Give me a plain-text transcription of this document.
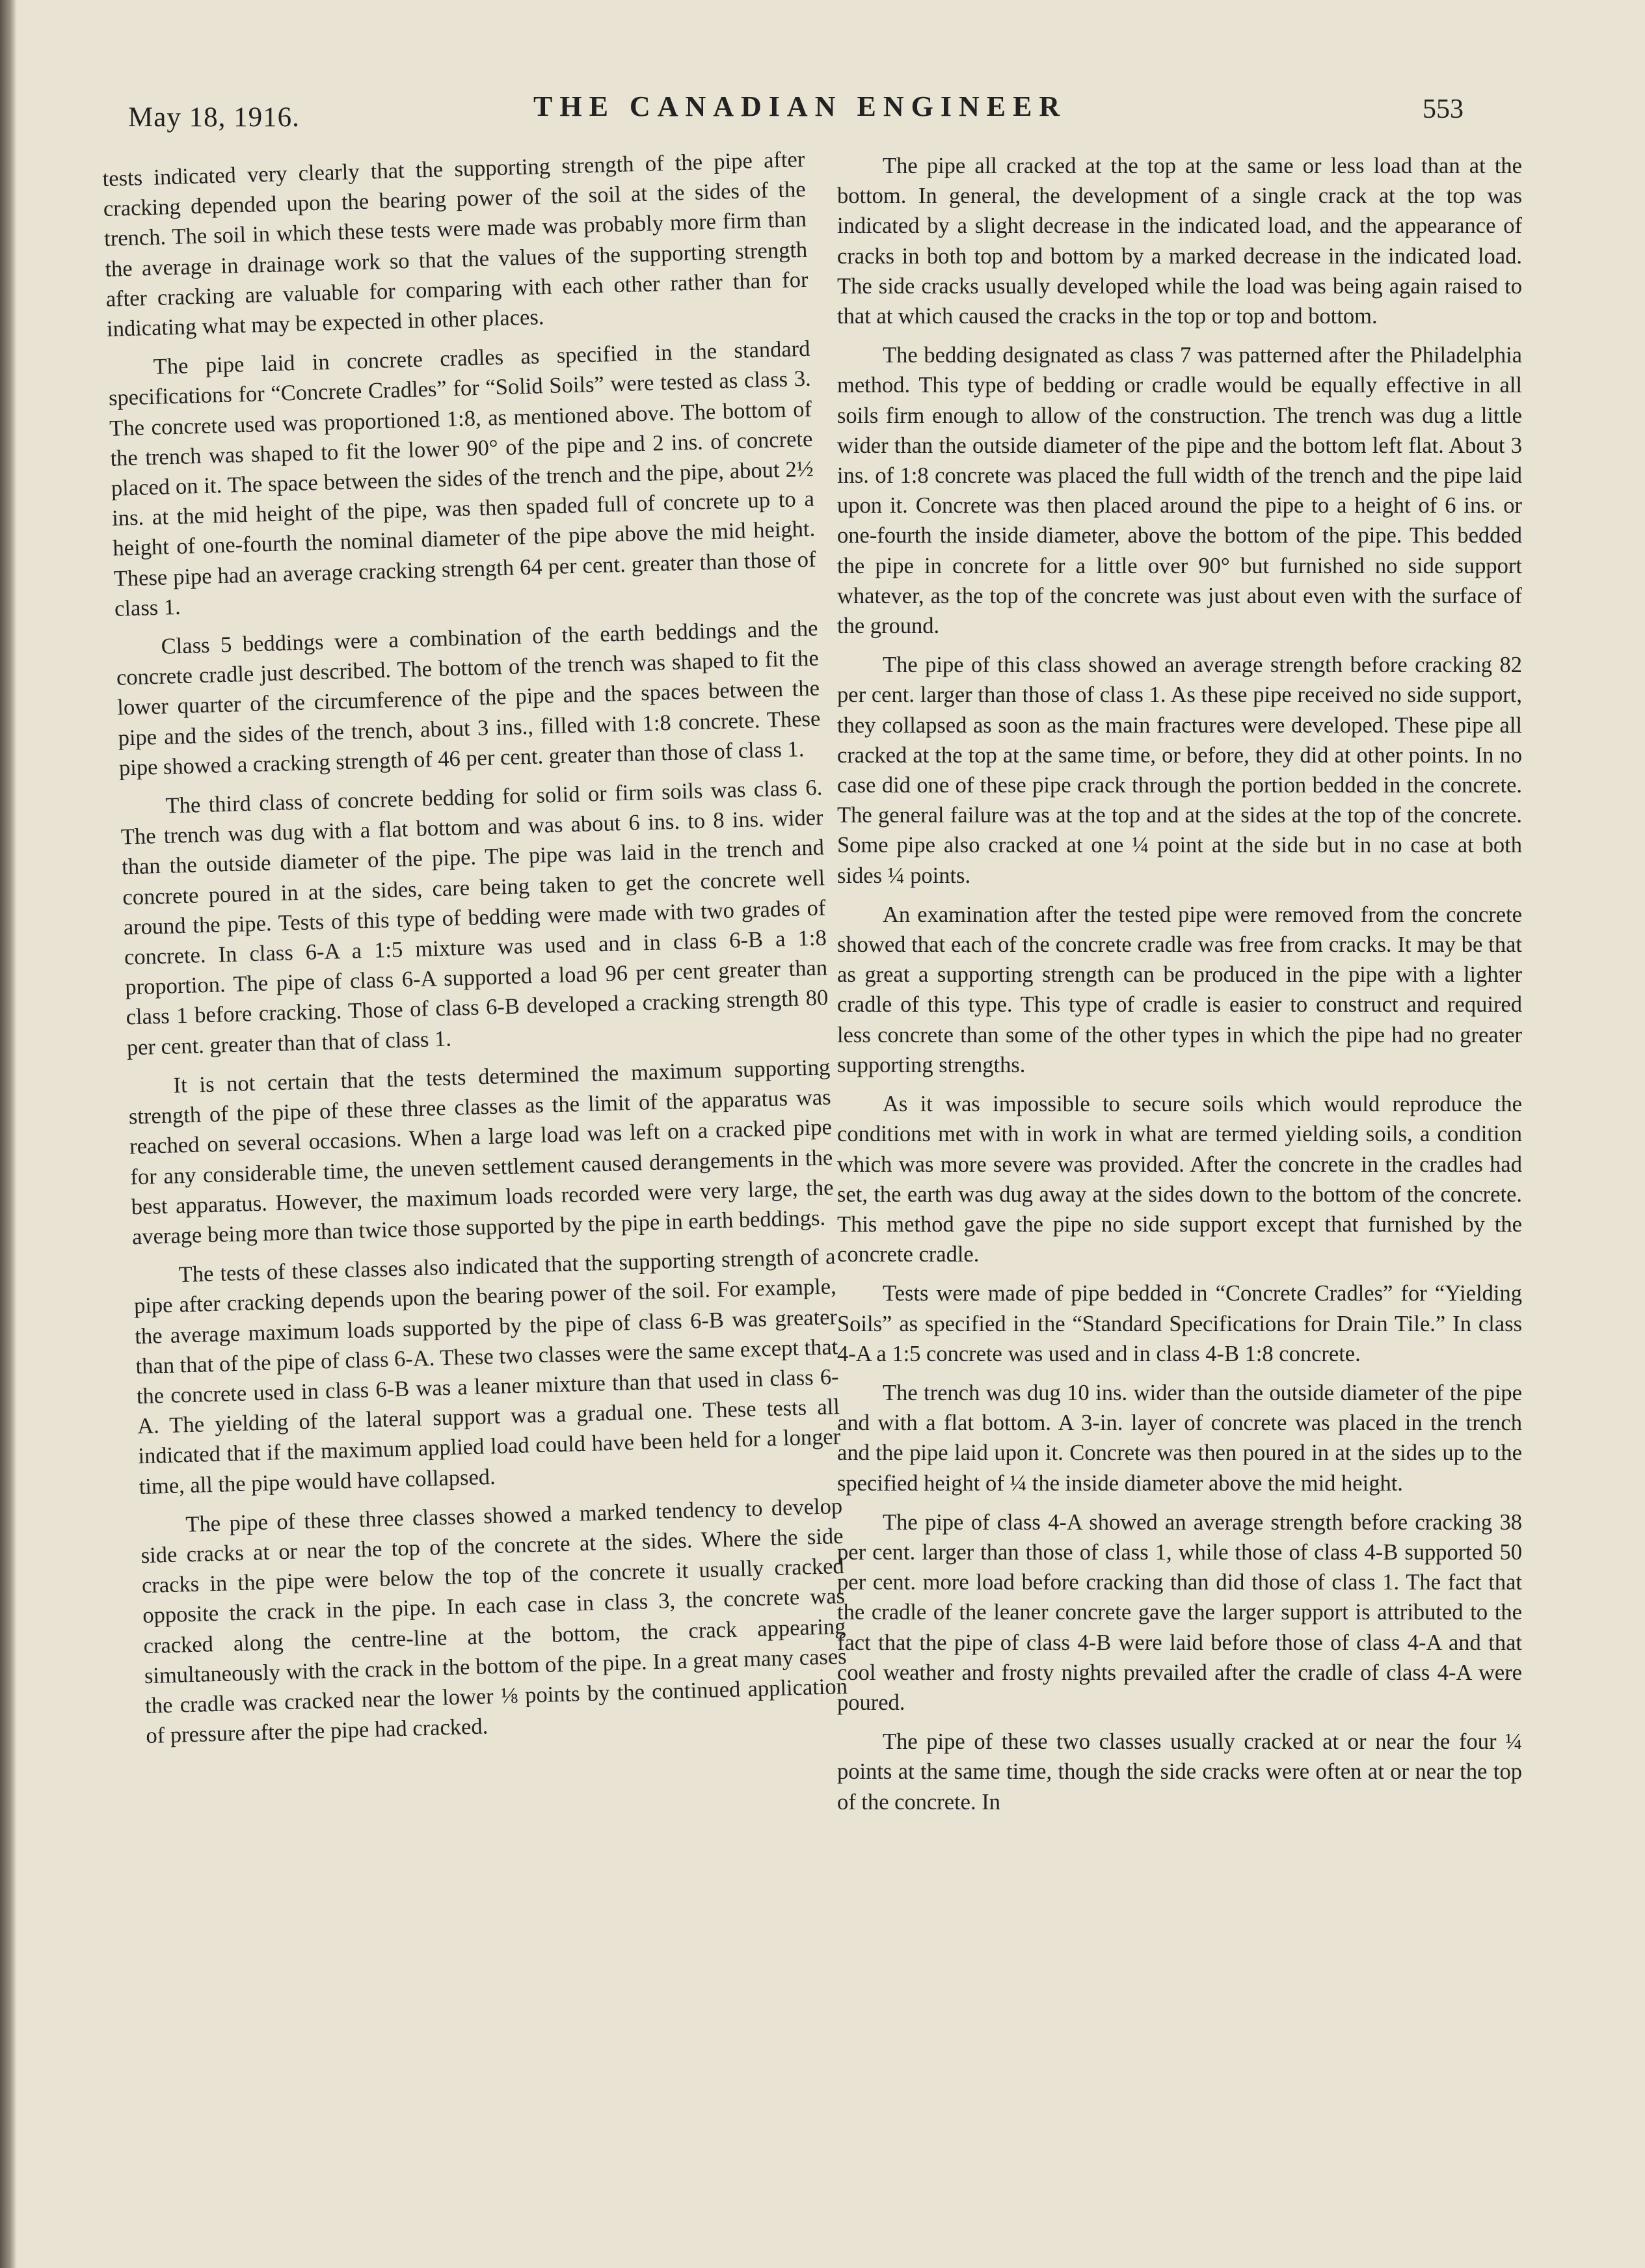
May 18, 1916.	THE CANADIAN ENGINEER	553

tests indicated very clearly that the supporting strength of the pipe after cracking depended upon the bearing power of the soil at the sides of the trench. The soil in which these tests were made was probably more firm than the average in drainage work so that the values of the supporting strength after cracking are valuable for comparing with each other rather than for indicating what may be expected in other places.

The pipe laid in concrete cradles as specified in the standard specifications for “Concrete Cradles” for “Solid Soils” were tested as class 3. The concrete used was proportioned 1:8, as mentioned above. The bottom of the trench was shaped to fit the lower 90° of the pipe and 2 ins. of concrete placed on it. The space between the sides of the trench and the pipe, about 2½ ins. at the mid height of the pipe, was then spaded full of concrete up to a height of one-fourth the nominal diameter of the pipe above the mid height. These pipe had an average cracking strength 64 per cent. greater than those of class 1.

Class 5 beddings were a combination of the earth beddings and the concrete cradle just described. The bottom of the trench was shaped to fit the lower quarter of the circumference of the pipe and the spaces between the pipe and the sides of the trench, about 3 ins., filled with 1:8 concrete. These pipe showed a cracking strength of 46 per cent. greater than those of class 1.

The third class of concrete bedding for solid or firm soils was class 6. The trench was dug with a flat bottom and was about 6 ins. to 8 ins. wider than the outside diameter of the pipe. The pipe was laid in the trench and concrete poured in at the sides, care being taken to get the concrete well around the pipe. Tests of this type of bedding were made with two grades of concrete. In class 6-A a 1:5 mixture was used and in class 6-B a 1:8 proportion. The pipe of class 6-A supported a load 96 per cent greater than class 1 before cracking. Those of class 6-B developed a cracking strength 80 per cent. greater than that of class 1.

It is not certain that the tests determined the maximum supporting strength of the pipe of these three classes as the limit of the apparatus was reached on several occasions. When a large load was left on a cracked pipe for any considerable time, the uneven settlement caused derangements in the best apparatus. However, the maximum loads recorded were very large, the average being more than twice those supported by the pipe in earth beddings.

The tests of these classes also indicated that the supporting strength of a pipe after cracking depends upon the bearing power of the soil. For example, the average maximum loads supported by the pipe of class 6-B was greater than that of the pipe of class 6-A. These two classes were the same except that the concrete used in class 6-B was a leaner mixture than that used in class 6-A. The yielding of the lateral support was a gradual one. These tests all indicated that if the maximum applied load could have been held for a longer time, all the pipe would have collapsed.

The pipe of these three classes showed a marked tendency to develop side cracks at or near the top of the concrete at the sides. Where the side cracks in the pipe were below the top of the concrete it usually cracked opposite the crack in the pipe. In each case in class 3, the concrete was cracked along the centre-line at the bottom, the crack appearing simultaneously with the crack in the bottom of the pipe. In a great many cases the cradle was cracked near the lower ⅛ points by the continued application of pressure after the pipe had cracked.

The pipe all cracked at the top at the same or less load than at the bottom. In general, the development of a single crack at the top was indicated by a slight decrease in the indicated load, and the appearance of cracks in both top and bottom by a marked decrease in the indicated load. The side cracks usually developed while the load was being again raised to that at which caused the cracks in the top or top and bottom.

The bedding designated as class 7 was patterned after the Philadelphia method. This type of bedding or cradle would be equally effective in all soils firm enough to allow of the construction. The trench was dug a little wider than the outside diameter of the pipe and the bottom left flat. About 3 ins. of 1:8 concrete was placed the full width of the trench and the pipe laid upon it. Concrete was then placed around the pipe to a height of 6 ins. or one-fourth the inside diameter, above the bottom of the pipe. This bedded the pipe in concrete for a little over 90° but furnished no side support whatever, as the top of the concrete was just about even with the surface of the ground.

The pipe of this class showed an average strength before cracking 82 per cent. larger than those of class 1. As these pipe received no side support, they collapsed as soon as the main fractures were developed. These pipe all cracked at the top at the same time, or before, they did at other points. In no case did one of these pipe crack through the portion bedded in the concrete. The general failure was at the top and at the sides at the top of the concrete. Some pipe also cracked at one ¼ point at the side but in no case at both sides ¼ points.

An examination after the tested pipe were removed from the concrete showed that each of the concrete cradle was free from cracks. It may be that as great a supporting strength can be produced in the pipe with a lighter cradle of this type. This type of cradle is easier to construct and required less concrete than some of the other types in which the pipe had no greater supporting strengths.

As it was impossible to secure soils which would reproduce the conditions met with in work in what are termed yielding soils, a condition which was more severe was provided. After the concrete in the cradles had set, the earth was dug away at the sides down to the bottom of the concrete. This method gave the pipe no side support except that furnished by the concrete cradle.

Tests were made of pipe bedded in “Concrete Cradles” for “Yielding Soils” as specified in the “Standard Specifications for Drain Tile.” In class 4-A a 1:5 concrete was used and in class 4-B 1:8 concrete.

The trench was dug 10 ins. wider than the outside diameter of the pipe and with a flat bottom. A 3-in. layer of concrete was placed in the trench and the pipe laid upon it. Concrete was then poured in at the sides up to the specified height of ¼ the inside diameter above the mid height.

The pipe of class 4-A showed an average strength before cracking 38 per cent. larger than those of class 1, while those of class 4-B supported 50 per cent. more load before cracking than did those of class 1. The fact that the cradle of the leaner concrete gave the larger support is attributed to the fact that the pipe of class 4-B were laid before those of class 4-A and that cool weather and frosty nights prevailed after the cradle of class 4-A were poured.

The pipe of these two classes usually cracked at or near the four ¼ points at the same time, though the side cracks were often at or near the top of the concrete. In
